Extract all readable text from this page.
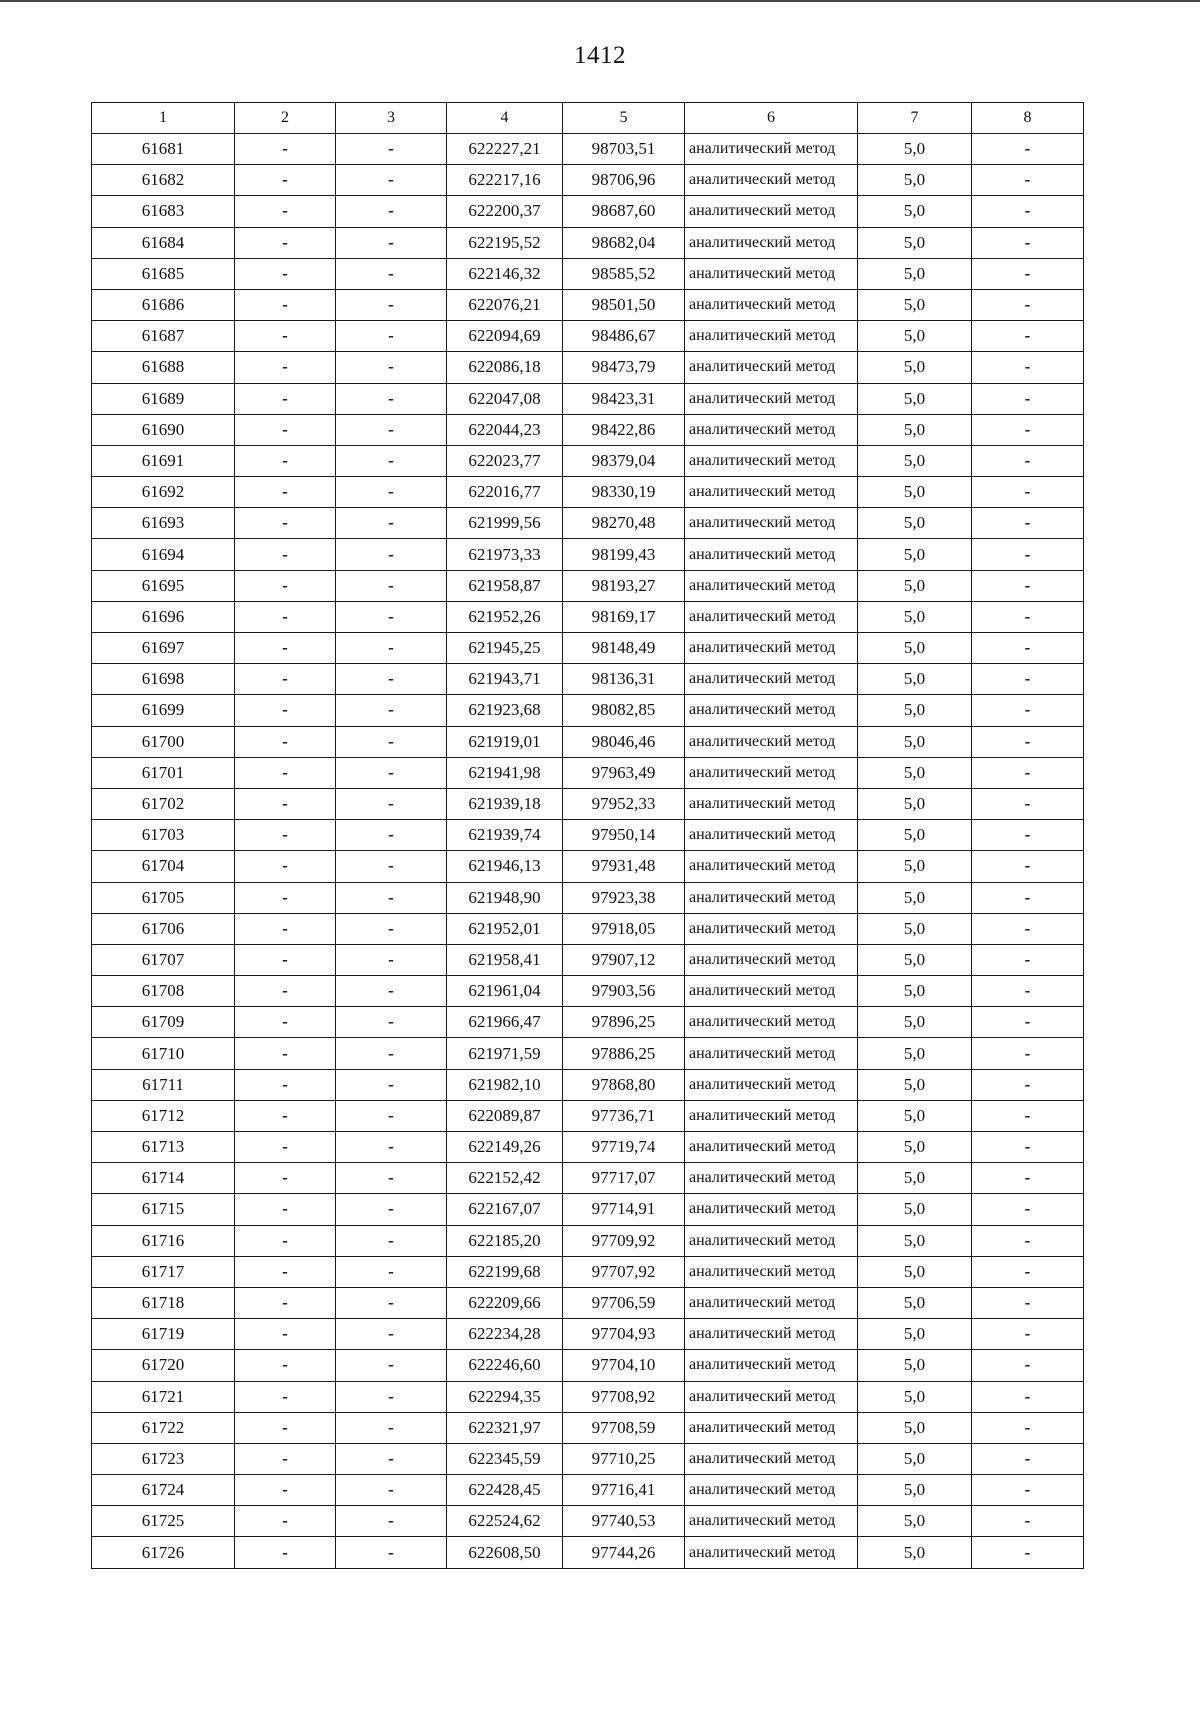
1412
1	2	3	4	5	6	7	8
61681	-	-	622227,21	98703,51	аналитический метод	5,0	-
61682	-	-	622217,16	98706,96	аналитический метод	5,0	-
61683	-	-	622200,37	98687,60	аналитический метод	5,0	-
61684	-	-	622195,52	98682,04	аналитический метод	5,0	-
61685	-	-	622146,32	98585,52	аналитический метод	5,0	-
61686	-	-	622076,21	98501,50	аналитический метод	5,0	-
61687	-	-	622094,69	98486,67	аналитический метод	5,0	-
61688	-	-	622086,18	98473,79	аналитический метод	5,0	-
61689	-	-	622047,08	98423,31	аналитический метод	5,0	-
61690	-	-	622044,23	98422,86	аналитический метод	5,0	-
61691	-	-	622023,77	98379,04	аналитический метод	5,0	-
61692	-	-	622016,77	98330,19	аналитический метод	5,0	-
61693	-	-	621999,56	98270,48	аналитический метод	5,0	-
61694	-	-	621973,33	98199,43	аналитический метод	5,0	-
61695	-	-	621958,87	98193,27	аналитический метод	5,0	-
61696	-	-	621952,26	98169,17	аналитический метод	5,0	-
61697	-	-	621945,25	98148,49	аналитический метод	5,0	-
61698	-	-	621943,71	98136,31	аналитический метод	5,0	-
61699	-	-	621923,68	98082,85	аналитический метод	5,0	-
61700	-	-	621919,01	98046,46	аналитический метод	5,0	-
61701	-	-	621941,98	97963,49	аналитический метод	5,0	-
61702	-	-	621939,18	97952,33	аналитический метод	5,0	-
61703	-	-	621939,74	97950,14	аналитический метод	5,0	-
61704	-	-	621946,13	97931,48	аналитический метод	5,0	-
61705	-	-	621948,90	97923,38	аналитический метод	5,0	-
61706	-	-	621952,01	97918,05	аналитический метод	5,0	-
61707	-	-	621958,41	97907,12	аналитический метод	5,0	-
61708	-	-	621961,04	97903,56	аналитический метод	5,0	-
61709	-	-	621966,47	97896,25	аналитический метод	5,0	-
61710	-	-	621971,59	97886,25	аналитический метод	5,0	-
61711	-	-	621982,10	97868,80	аналитический метод	5,0	-
61712	-	-	622089,87	97736,71	аналитический метод	5,0	-
61713	-	-	622149,26	97719,74	аналитический метод	5,0	-
61714	-	-	622152,42	97717,07	аналитический метод	5,0	-
61715	-	-	622167,07	97714,91	аналитический метод	5,0	-
61716	-	-	622185,20	97709,92	аналитический метод	5,0	-
61717	-	-	622199,68	97707,92	аналитический метод	5,0	-
61718	-	-	622209,66	97706,59	аналитический метод	5,0	-
61719	-	-	622234,28	97704,93	аналитический метод	5,0	-
61720	-	-	622246,60	97704,10	аналитический метод	5,0	-
61721	-	-	622294,35	97708,92	аналитический метод	5,0	-
61722	-	-	622321,97	97708,59	аналитический метод	5,0	-
61723	-	-	622345,59	97710,25	аналитический метод	5,0	-
61724	-	-	622428,45	97716,41	аналитический метод	5,0	-
61725	-	-	622524,62	97740,53	аналитический метод	5,0	-
61726	-	-	622608,50	97744,26	аналитический метод	5,0	-
